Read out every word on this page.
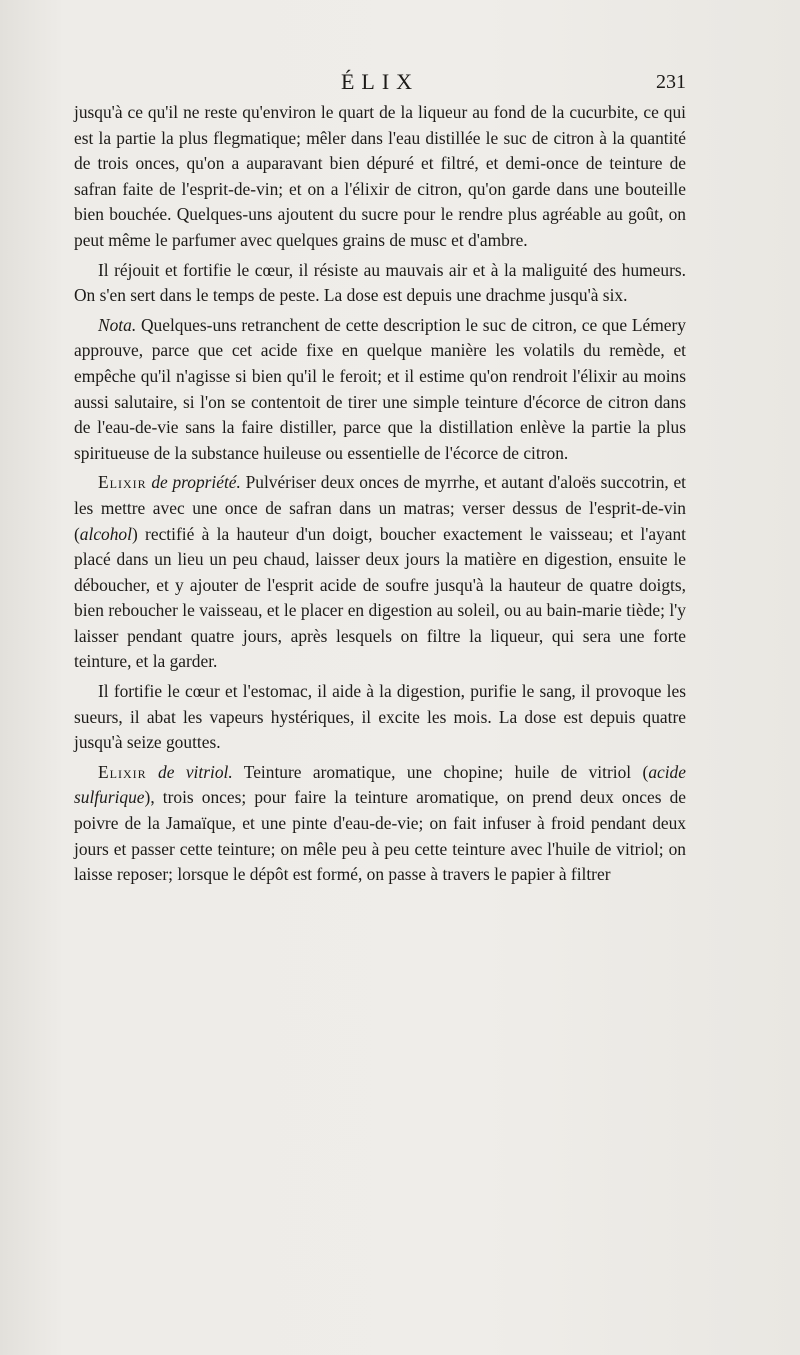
ÉLIX	231

jusqu'à ce qu'il ne reste qu'environ le quart de la liqueur au fond de la cucurbite, ce qui est la partie la plus flegmatique; mêler dans l'eau distillée le suc de citron à la quantité de trois onces, qu'on a auparavant bien dépuré et filtré, et demi-once de teinture de safran faite de l'esprit-de-vin; et on a l'élixir de citron, qu'on garde dans une bouteille bien bouchée. Quelques-uns ajoutent du sucre pour le rendre plus agréable au goût, on peut même le parfumer avec quelques grains de musc et d'ambre.

Il réjouit et fortifie le cœur, il résiste au mauvais air et à la maliguité des humeurs. On s'en sert dans le temps de peste. La dose est depuis une drachme jusqu'à six.

Nota. Quelques-uns retranchent de cette description le suc de citron, ce que Lémery approuve, parce que cet acide fixe en quelque manière les volatils du remède, et empêche qu'il n'agisse si bien qu'il le feroit; et il estime qu'on rendroit l'élixir au moins aussi salutaire, si l'on se contentoit de tirer une simple teinture d'écorce de citron dans de l'eau-de-vie sans la faire distiller, parce que la distillation enlève la partie la plus spiritueuse de la substance huileuse ou essentielle de l'écorce de citron.

Elixir de propriété. Pulvériser deux onces de myrrhe, et autant d'aloës succotrin, et les mettre avec une once de safran dans un matras; verser dessus de l'esprit-de-vin (alcohol) rectifié à la hauteur d'un doigt, boucher exactement le vaisseau; et l'ayant placé dans un lieu un peu chaud, laisser deux jours la matière en digestion, ensuite le déboucher, et y ajouter de l'esprit acide de soufre jusqu'à la hauteur de quatre doigts, bien reboucher le vaisseau, et le placer en digestion au soleil, ou au bain-marie tiède; l'y laisser pendant quatre jours, après lesquels on filtre la liqueur, qui sera une forte teinture, et la garder.

Il fortifie le cœur et l'estomac, il aide à la digestion, purifie le sang, il provoque les sueurs, il abat les vapeurs hystériques, il excite les mois. La dose est depuis quatre jusqu'à seize gouttes.

Elixir de vitriol. Teinture aromatique, une chopine; huile de vitriol (acide sulfurique), trois onces; pour faire la teinture aromatique, on prend deux onces de poivre de la Jamaïque, et une pinte d'eau-de-vie; on fait infuser à froid pendant deux jours et passer cette teinture; on mêle peu à peu cette teinture avec l'huile de vitriol; on laisse reposer; lorsque le dépôt est formé, on passe à travers le papier à filtrer
